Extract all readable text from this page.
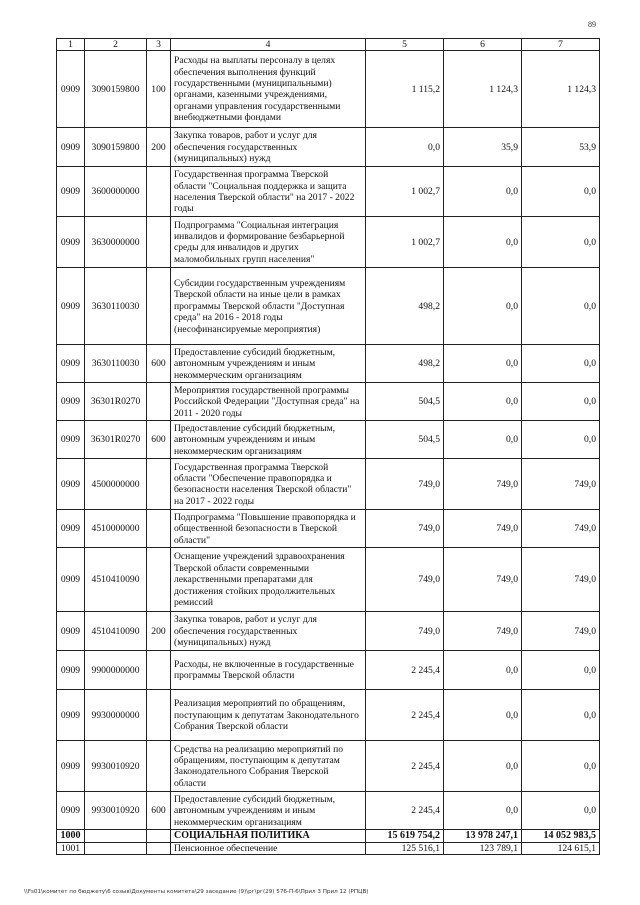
89
1	2	3	4	5	6	7
0909	3090159800	100	Расходы на выплаты персоналу в целях обеспечения выполнения функций государственными (муниципальными) органами, казенными учреждениями, органами управления государственными внебюджетными фондами	1 115,2	1 124,3	1 124,3
0909	3090159800	200	Закупка товаров, работ и услуг для обеспечения государственных (муниципальных) нужд	0,0	35,9	53,9
0909	3600000000		Государственная программа Тверской области "Социальная поддержка и защита населения Тверской области" на 2017 - 2022 годы	1 002,7	0,0	0,0
0909	3630000000		Подпрограмма "Социальная интеграция инвалидов и формирование безбарьерной среды для инвалидов и других маломобильных групп населения"	1 002,7	0,0	0,0
0909	3630110030		Субсидии государственным учреждениям Тверской области на иные цели в рамках программы Тверской области "Доступная среда" на 2016 - 2018 годы (несофинансируемые мероприятия)	498,2	0,0	0,0
0909	3630110030	600	Предоставление субсидий бюджетным, автономным учреждениям и иным некоммерческим организациям	498,2	0,0	0,0
0909	36301R0270		Мероприятия государственной программы Российской Федерации "Доступная среда" на 2011 - 2020 годы	504,5	0,0	0,0
0909	36301R0270	600	Предоставление субсидий бюджетным, автономным учреждениям и иным некоммерческим организациям	504,5	0,0	0,0
0909	4500000000		Государственная программа Тверской области "Обеспечение правопорядка и безопасности населения Тверской области" на 2017 - 2022 годы	749,0	749,0	749,0
0909	4510000000		Подпрограмма "Повышение правопорядка и общественной безопасности в Тверской области"	749,0	749,0	749,0
0909	4510410090		Оснащение учреждений здравоохранения Тверской области современными лекарственными препаратами для достижения стойких продолжительных ремиссий	749,0	749,0	749,0
0909	4510410090	200	Закупка товаров, работ и услуг для обеспечения государственных (муниципальных) нужд	749,0	749,0	749,0
0909	9900000000		Расходы, не включенные в государственные программы Тверской области	2 245,4	0,0	0,0
0909	9930000000		Реализация мероприятий по обращениям, поступающим к депутатам Законодательного Собрания Тверской области	2 245,4	0,0	0,0
0909	9930010920		Средства на реализацию мероприятий по обращениям, поступающим к депутатам Законодательного Собрания Тверской области	2 245,4	0,0	0,0
0909	9930010920	600	Предоставление субсидий бюджетным, автономным учреждениям и иным некоммерческим организациям	2 245,4	0,0	0,0
1000			СОЦИАЛЬНАЯ ПОЛИТИКА	15 619 754,2	13 978 247,1	14 052 983,5
1001			Пенсионное обеспечение	125 516,1	123 789,1	124 615,1
\\Fs01\комитет по бюджету\6 созыв\Документы комитета\29 заседание (9)\рг\рг(29) 576-П-6\Прил 3 Прил 12 (РПЦВ)
